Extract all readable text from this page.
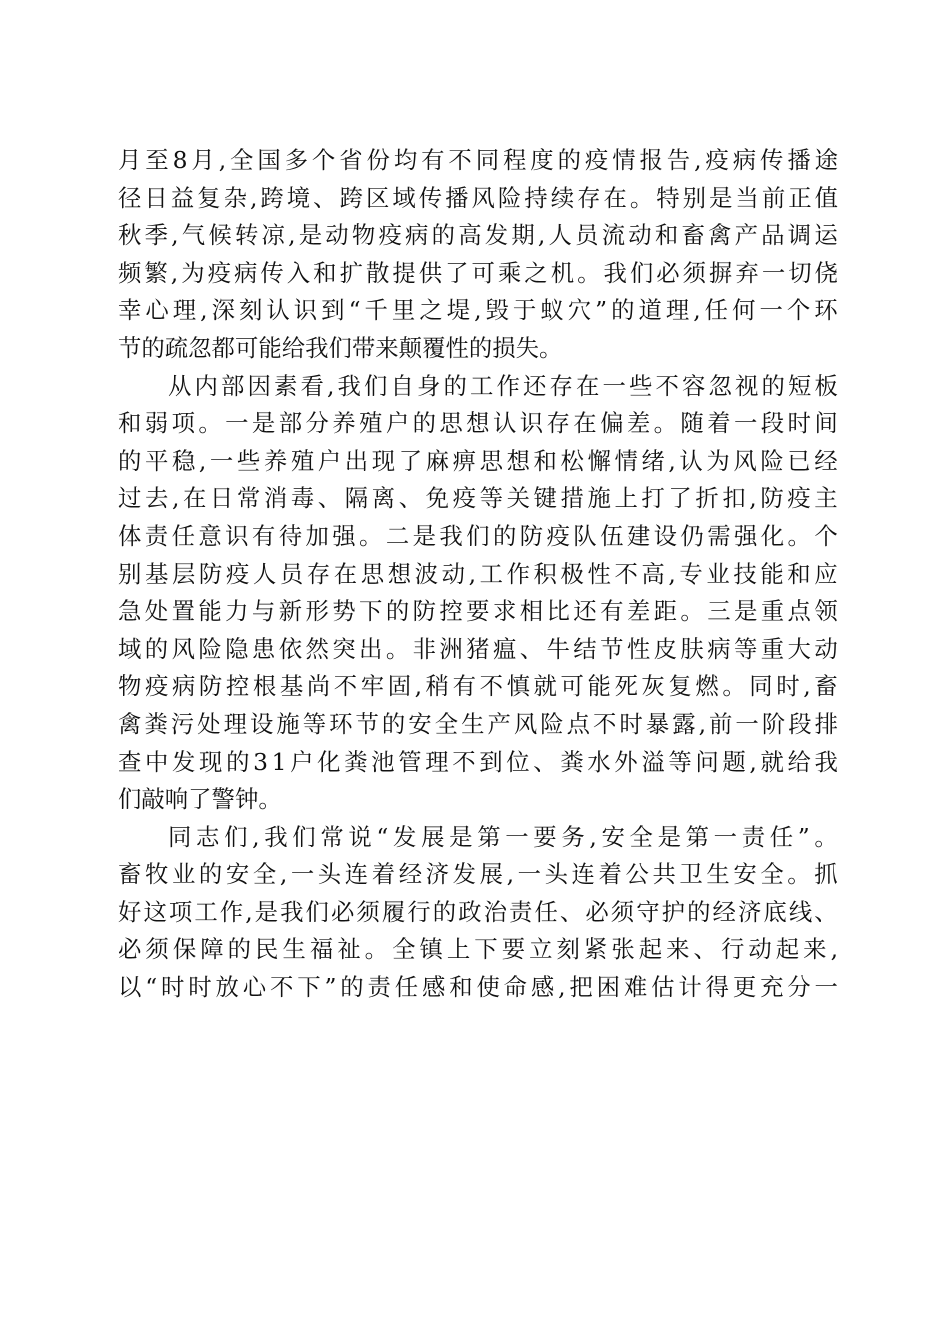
月 至 8 月 , 全 国 多 个 省 份 均 有 不 同 程 度 的 疫 情 报 告 , 疫 病 传 播 途
径 日 益 复 杂 , 跨 境 、 跨 区 域 传 播 风 险 持 续 存 在 。 特 别 是 当 前 正 值
秋 季 , 气 候 转 凉 , 是 动 物 疫 病 的 高 发 期 , 人 员 流 动 和 畜 禽 产 品 调 运
频 繁 , 为 疫 病 传 入 和 扩 散 提 供 了 可 乘 之 机 。 我 们 必 须 摒 弃 一 切 侥
幸 心 理 , 深 刻 认 识 到 “ 千 里 之 堤 , 毁 于 蚁 穴 ” 的 道 理 , 任 何 一 个 环
节的疏忽都可能给我们带来颠覆性的损失。
从 内 部 因 素 看 , 我 们 自 身 的 工 作 还 存 在 一 些 不 容 忽 视 的 短 板
和 弱 项 。 一 是 部 分 养 殖 户 的 思 想 认 识 存 在 偏 差 。 随 着 一 段 时 间
的 平 稳 , 一 些 养 殖 户 出 现 了 麻 痹 思 想 和 松 懈 情 绪 , 认 为 风 险 已 经
过 去 , 在 日 常 消 毒 、 隔 离 、 免 疫 等 关 键 措 施 上 打 了 折 扣 , 防 疫 主
体 责 任 意 识 有 待 加 强 。 二 是 我 们 的 防 疫 队 伍 建 设 仍 需 强 化 。 个
别 基 层 防 疫 人 员 存 在 思 想 波 动 , 工 作 积 极 性 不 高 , 专 业 技 能 和 应
急 处 置 能 力 与 新 形 势 下 的 防 控 要 求 相 比 还 有 差 距 。 三 是 重 点 领
域 的 风 险 隐 患 依 然 突 出 。 非 洲 猪 瘟 、 牛 结 节 性 皮 肤 病 等 重 大 动
物 疫 病 防 控 根 基 尚 不 牢 固 , 稍 有 不 慎 就 可 能 死 灰 复 燃 。 同 时 , 畜
禽 粪 污 处 理 设 施 等 环 节 的 安 全 生 产 风 险 点 不 时 暴 露 , 前 一 阶 段 排
查 中 发 现 的 3 1 户 化 粪 池 管 理 不 到 位 、 粪 水 外 溢 等 问 题 , 就 给 我
们敲响了警钟。
同 志 们 , 我 们 常 说 “ 发 展 是 第 一 要 务 , 安 全 是 第 一 责 任 ” 。
畜 牧 业 的 安 全 , 一 头 连 着 经 济 发 展 , 一 头 连 着 公 共 卫 生 安 全 。 抓
好 这 项 工 作 , 是 我 们 必 须 履 行 的 政 治 责 任 、 必 须 守 护 的 经 济 底 线 、
必 须 保 障 的 民 生 福 祉 。 全 镇 上 下 要 立 刻 紧 张 起 来 、 行 动 起 来 ,
以 “ 时 时 放 心 不 下 ” 的 责 任 感 和 使 命 感 , 把 困 难 估 计 得 更 充 分 一
